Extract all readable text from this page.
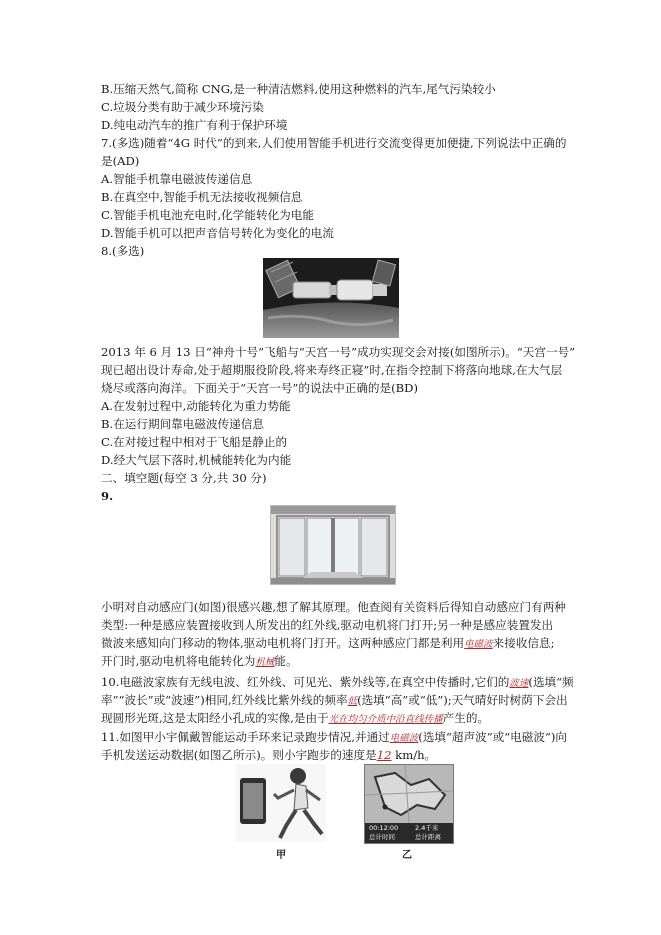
B.压缩天然气,简称 CNG,是一种清洁燃料,使用这种燃料的汽车,尾气污染较小
C.垃圾分类有助于减少环境污染
D.纯电动汽车的推广有利于保护环境
7.(多选)随着“4G 时代”的到来,人们使用智能手机进行交流变得更加便捷,下列说法中正确的
是(AD)
A.智能手机靠电磁波传递信息
B.在真空中,智能手机无法接收视频信息
C.智能手机电池充电时,化学能转化为电能
D.智能手机可以把声音信号转化为变化的电流
8.(多选)
2013 年 6 月 13 日“神舟十号”飞船与“天宫一号”成功实现交会对接(如图所示)。“天宫一号”
现已超出设计寿命,处于超期服役阶段,将来寿终正寝”时,在指令控制下将落向地球,在大气层
烧尽或落向海洋。下面关于“天宫一号”的说法中正确的是(BD)
A.在发射过程中,动能转化为重力势能
B.在运行期间靠电磁波传递信息
C.在对接过程中相对于飞船是静止的
D.经大气层下落时,机械能转化为内能
二、填空题(每空 3 分,共 30 分)
9.
小明对自动感应门(如图)很感兴趣,想了解其原理。他查阅有关资料后得知自动感应门有两种
类型:一种是感应装置接收到人所发出的红外线,驱动电机将门打开;另一种是感应装置发出
微波来感知向门移动的物体,驱动电机将门打开。这两种感应门都是利用电磁波来接收信息;
开门时,驱动电机将电能转化为机械能。
10.电磁波家族有无线电波、红外线、可见光、紫外线等,在真空中传播时,它们的波速(选填“频
率”“波长”或“波速”)相同,红外线比紫外线的频率低(选填“高”或“低”);天气晴好时树荫下会出
现圆形光斑,这是太阳经小孔成的实像,是由于光在均匀介质中沿直线传播产生的。
11.如图甲小宇佩戴智能运动手环来记录跑步情况,并通过电磁波(选填“超声波”或“电磁波”)向
手机发送运动数据(如图乙所示)。则小宇跑步的速度是12 km/h。
00:12:00	2.4千米
总计时间	总计距离
甲	乙
